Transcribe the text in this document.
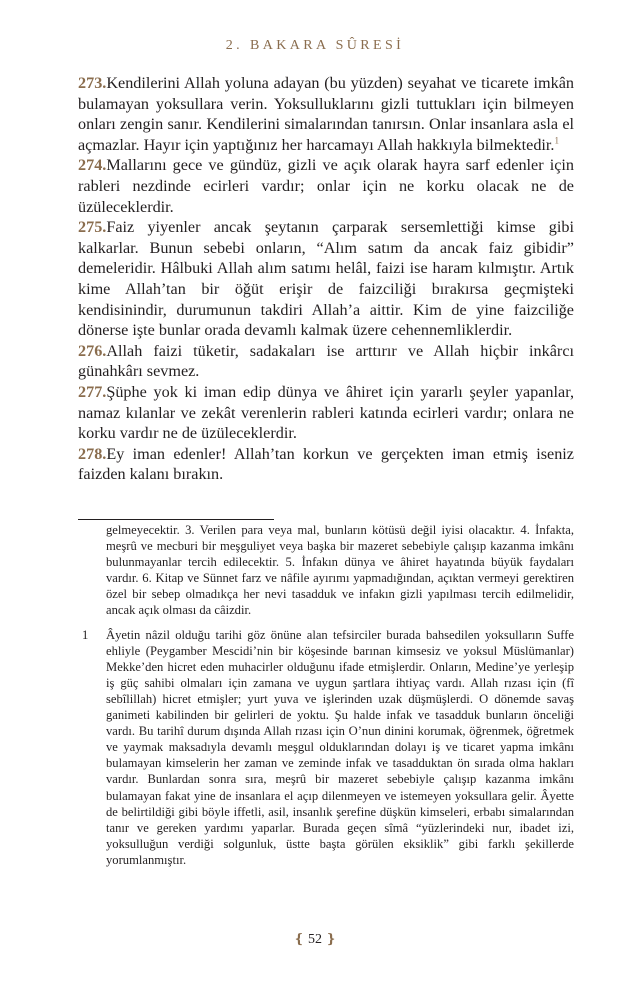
2. BAKARA SÛRESİ

273.Kendilerini Allah yoluna adayan (bu yüzden) seyahat ve ticarete imkân bulamayan yoksullara verin. Yoksulluklarını gizli tuttukları için bilmeyen onları zengin sanır. Kendilerini simalarından tanırsın. Onlar insanlara asla el açmazlar. Hayır için yaptığınız her harcamayı Allah hakkıyla bilmektedir.$^1$

274.Mallarını gece ve gündüz, gizli ve açık olarak hayra sarf edenler için rableri nezdinde ecirleri vardır; onlar için ne korku olacak ne de üzüleceklerdir.

275.Faiz yiyenler ancak şeytanın çarparak sersemlettiği kimse gibi kalkarlar. Bunun sebebi onların, “Alım satım da ancak faiz gibidir” demeleridir. Hâlbuki Allah alım satımı helâl, faizi ise haram kılmıştır. Artık kime Allah’tan bir öğüt erişir de faizciliği bırakırsa geçmişteki kendisinindir, durumunun takdiri Allah’a aittir. Kim de yine faizciliğe dönerse işte bunlar orada devamlı kalmak üzere cehennemliklerdir.

276.Allah faizi tüketir, sadakaları ise arttırır ve Allah hiçbir inkârcı günahkârı sevmez.

277.Şüphe yok ki iman edip dünya ve âhiret için yararlı şeyler yapanlar, namaz kılanlar ve zekât verenlerin rableri katında ecirleri vardır; onlara ne korku vardır ne de üzüleceklerdir.

278.Ey iman edenler! Allah’tan korkun ve gerçekten iman etmiş iseniz faizden kalanı bırakın.

gelmeyecektir. 3. Verilen para veya mal, bunların kötüsü değil iyisi olacaktır. 4. İnfakta, meşrû ve mecburi bir meşguliyet veya başka bir mazeret sebebiyle çalışıp kazanma imkânı bulunmayanlar tercih edilecektir. 5. İnfakın dünya ve âhiret hayatında büyük faydaları vardır. 6. Kitap ve Sünnet farz ve nâfile ayırımı yapmadığından, açıktan vermeyi gerektiren özel bir sebep olmadıkça her nevi tasadduk ve infakın gizli yapılması tercih edilmelidir, ancak açık olması da câizdir.

1 Âyetin nâzil olduğu tarihi göz önüne alan tefsirciler burada bahsedilen yoksulların Suffe ehliyle (Peygamber Mescidi’nin bir köşesinde barınan kimsesiz ve yoksul Müslümanlar) Mekke’den hicret eden muhacirler olduğunu ifade etmişlerdir. Onların, Medine’ye yerleşip iş güç sahibi olmaları için zamana ve uygun şartlara ihtiyaç vardı. Allah rızası için (fî sebîlillah) hicret etmişler; yurt yuva ve işlerinden uzak düşmüşlerdi. O dönemde savaş ganimeti kabilinden bir gelirleri de yoktu. Şu halde infak ve tasadduk bunların önceliği vardı. Bu tarihî durum dışında Allah rızası için O’nun dinini korumak, öğrenmek, öğretmek ve yaymak maksadıyla devamlı meşgul olduklarından dolayı iş ve ticaret yapma imkânı bulamayan kimselerin her zaman ve zeminde infak ve tasadduktan ön sırada olma hakları vardır. Bunlardan sonra sıra, meşrû bir mazeret sebebiyle çalışıp kazanma imkânı bulamayan fakat yine de insanlara el açıp dilenmeyen ve istemeyen yoksullara gelir. Âyette de belirtildiği gibi böyle iffetli, asil, insanlık şerefine düşkün kimseleri, erbabı simalarından tanır ve gereken yardımı yaparlar. Burada geçen sîmâ “yüzlerindeki nur, ibadet izi, yoksulluğun verdiği solgunluk, üstte başta görülen eksiklik” gibi farklı şekillerde yorumlanmıştır.

❴ 52 ❵
